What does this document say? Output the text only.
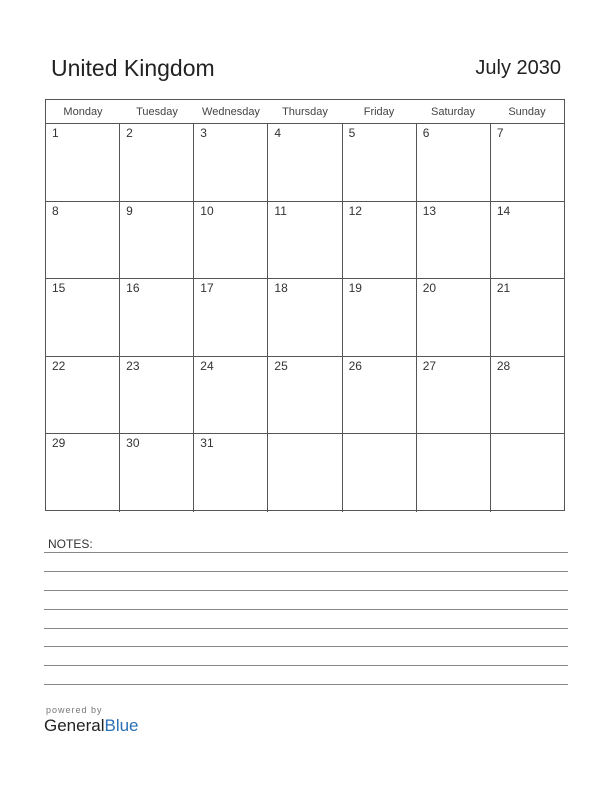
United Kingdom	July 2030
Monday	Tuesday	Wednesday	Thursday	Friday	Saturday	Sunday
1	2	3	4	5	6	7
8	9	10	11	12	13	14
15	16	17	18	19	20	21
22	23	24	25	26	27	28
29	30	31
NOTES:
powered by
GeneralBlue
